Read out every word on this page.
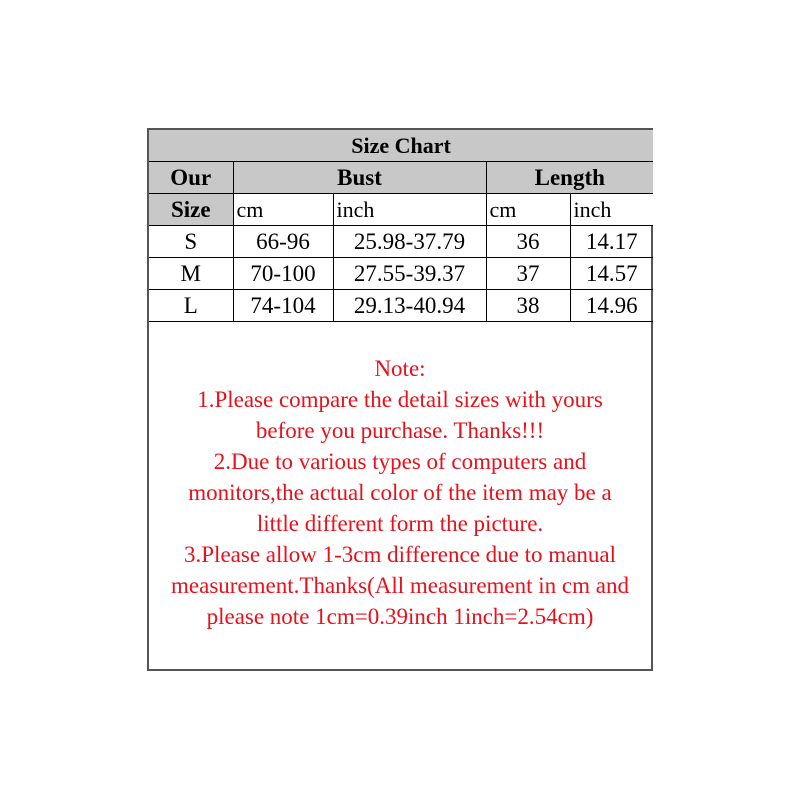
Size Chart				
Our	Bust		Length	
Size	cm	inch	cm	inch
S	66-96	25.98-37.79	36	14.17
M	70-100	27.55-39.37	37	14.57
L	74-104	29.13-40.94	38	14.96
Note:
1.Please compare the detail sizes with yours
before you purchase. Thanks!!!
2.Due to various types of computers and
monitors,the actual color of the item may be a
little different form the picture.
3.Please allow 1-3cm difference due to manual
measurement.Thanks(All measurement in cm and
please note 1cm=0.39inch 1inch=2.54cm)
